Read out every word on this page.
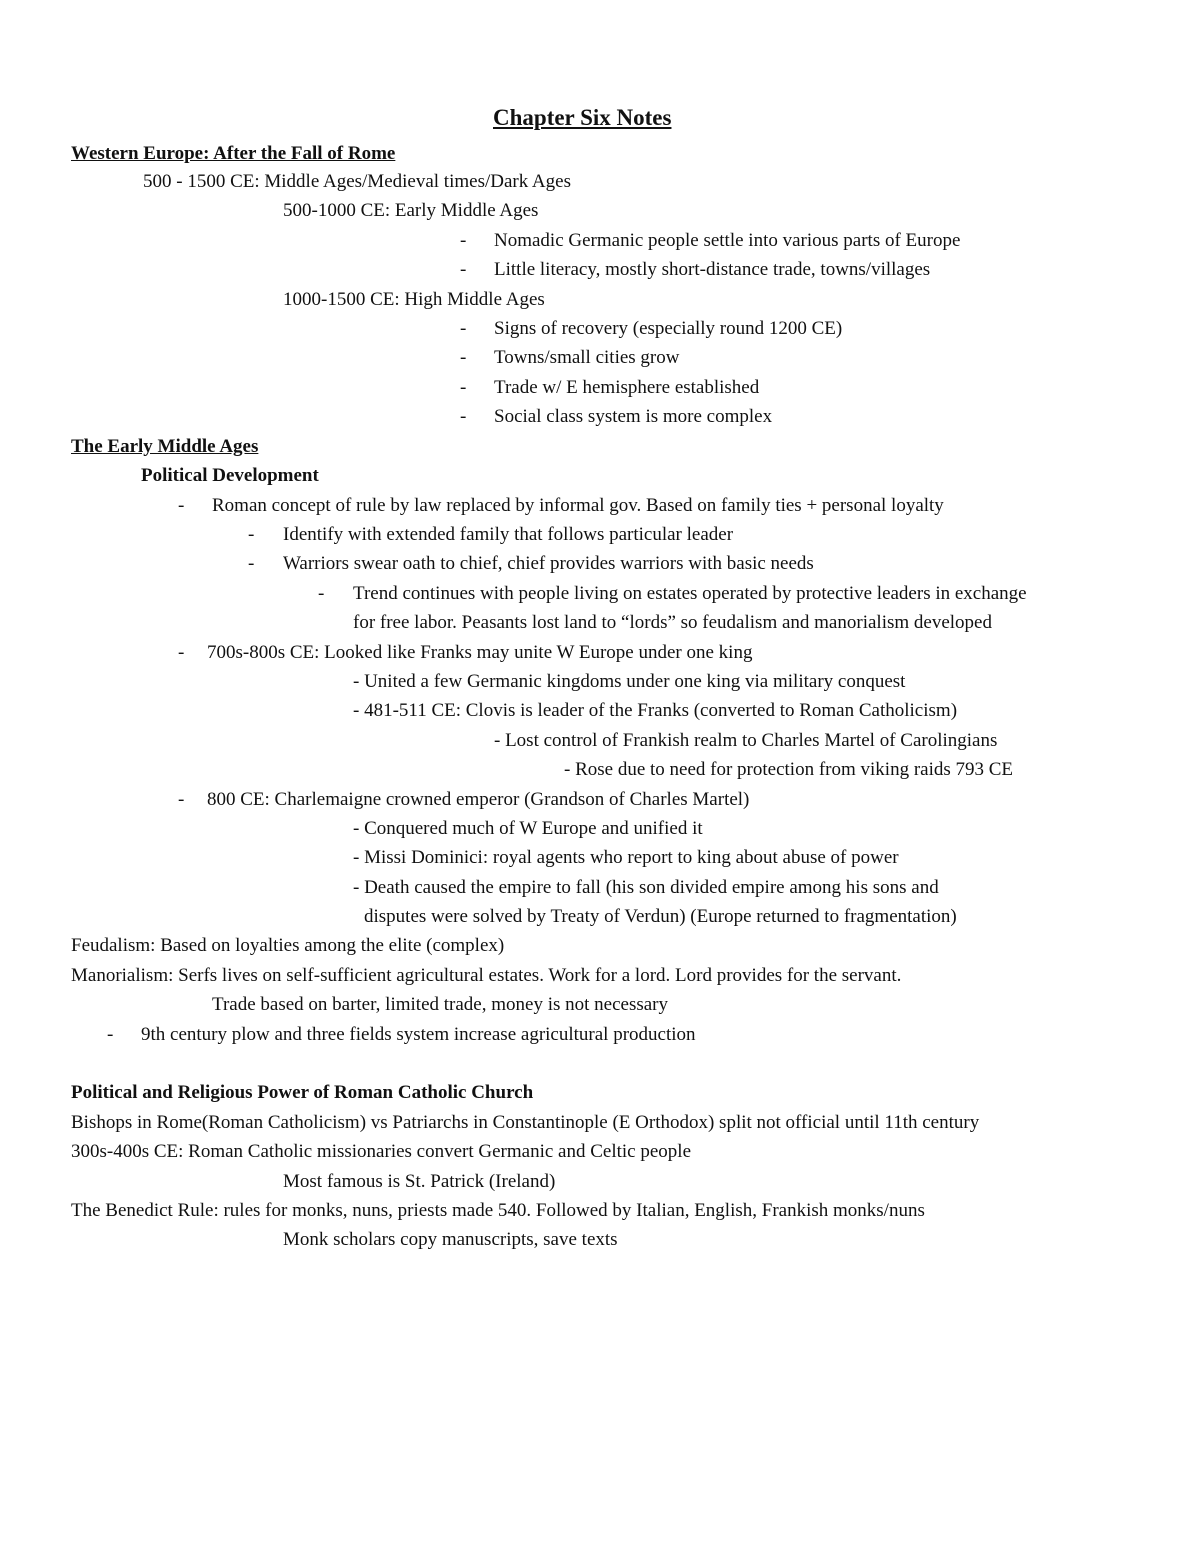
Chapter Six Notes
Western Europe: After the Fall of Rome
500 - 1500 CE: Middle Ages/Medieval times/Dark Ages
500-1000 CE: Early Middle Ages
- Nomadic Germanic people settle into various parts of Europe
- Little literacy, mostly short-distance trade, towns/villages
1000-1500 CE: High Middle Ages
- Signs of recovery (especially round 1200 CE)
- Towns/small cities grow
- Trade w/ E hemisphere established
- Social class system is more complex
The Early Middle Ages
Political Development
- Roman concept of rule by law replaced by informal gov. Based on family ties + personal loyalty
- Identify with extended family that follows particular leader
- Warriors swear oath to chief, chief provides warriors with basic needs
- Trend continues with people living on estates operated by protective leaders in exchange
for free labor. Peasants lost land to “lords” so feudalism and manorialism developed
- 700s-800s CE: Looked like Franks may unite W Europe under one king
- United a few Germanic kingdoms under one king via military conquest
- 481-511 CE: Clovis is leader of the Franks (converted to Roman Catholicism)
- Lost control of Frankish realm to Charles Martel of Carolingians
- Rose due to need for protection from viking raids 793 CE
- 800 CE: Charlemaigne crowned emperor (Grandson of Charles Martel)
- Conquered much of W Europe and unified it
- Missi Dominici: royal agents who report to king about abuse of power
- Death caused the empire to fall (his son divided empire among his sons and
disputes were solved by Treaty of Verdun) (Europe returned to fragmentation)
Feudalism: Based on loyalties among the elite (complex)
Manorialism: Serfs lives on self-sufficient agricultural estates. Work for a lord. Lord provides for the servant.
Trade based on barter, limited trade, money is not necessary
- 9th century plow and three fields system increase agricultural production
Political and Religious Power of Roman Catholic Church
Bishops in Rome(Roman Catholicism) vs Patriarchs in Constantinople (E Orthodox) split not official until 11th century
300s-400s CE: Roman Catholic missionaries convert Germanic and Celtic people
Most famous is St. Patrick (Ireland)
The Benedict Rule: rules for monks, nuns, priests made 540. Followed by Italian, English, Frankish monks/nuns
Monk scholars copy manuscripts, save texts
